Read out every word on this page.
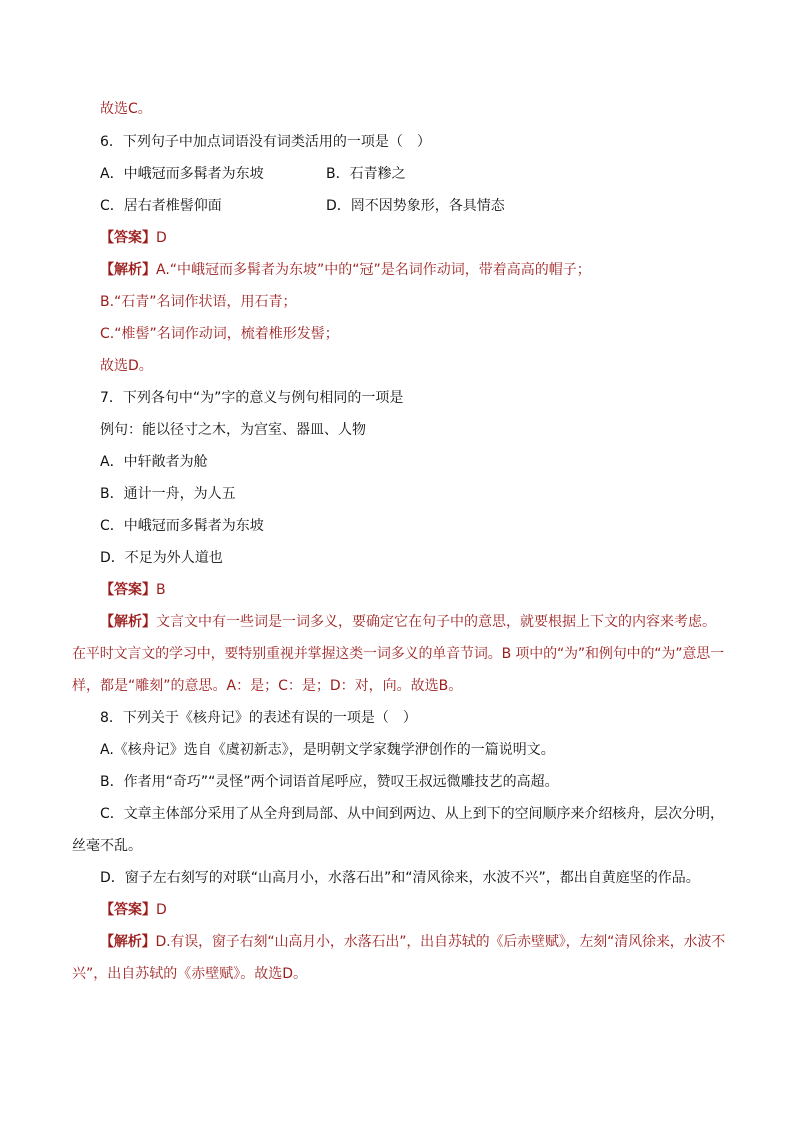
故选C。
6．下列句子中加点词语没有词类活用的一项是（　）
A．中峨冠而多髯者为东坡	B．石青糁之
C．居右者椎髻仰面	D．罔不因势象形，各具情态
【答案】D
【解析】A.“中峨冠而多髯者为东坡”中的“冠”是名词作动词，带着高高的帽子；
B.“石青”名词作状语，用石青；
C.“椎髻”名词作动词，梳着椎形发髻；
故选D。
7．下列各句中“为”字的意义与例句相同的一项是
例句：能以径寸之木，为宫室、器皿、人物
A．中轩敞者为舱
B．通计一舟，为人五
C．中峨冠而多髯者为东坡
D．不足为外人道也
【答案】B
【解析】文言文中有一些词是一词多义，要确定它在句子中的意思，就要根据上下文的内容来考虑。
在平时文言文的学习中，要特别重视并掌握这类一词多义的单音节词。B 项中的“为”和例句中的“为”意思一
样，都是“雕刻”的意思。A：是；C：是；D：对，向。故选B。
8．下列关于《核舟记》的表述有误的一项是（　）
A.《核舟记》选自《虞初新志》，是明朝文学家魏学洢创作的一篇说明文。
B．作者用“奇巧”“灵怪”两个词语首尾呼应，赞叹王叔远微雕技艺的高超。
C．文章主体部分采用了从全舟到局部、从中间到两边、从上到下的空间顺序来介绍核舟，层次分明，
丝毫不乱。
D．窗子左右刻写的对联“山高月小，水落石出”和“清风徐来，水波不兴”，都出自黄庭坚的作品。
【答案】D
【解析】D.有误，窗子右刻“山高月小，水落石出”，出自苏轼的《后赤壁赋》，左刻“清风徐来，水波不
兴”，出自苏轼的《赤壁赋》。故选D。
